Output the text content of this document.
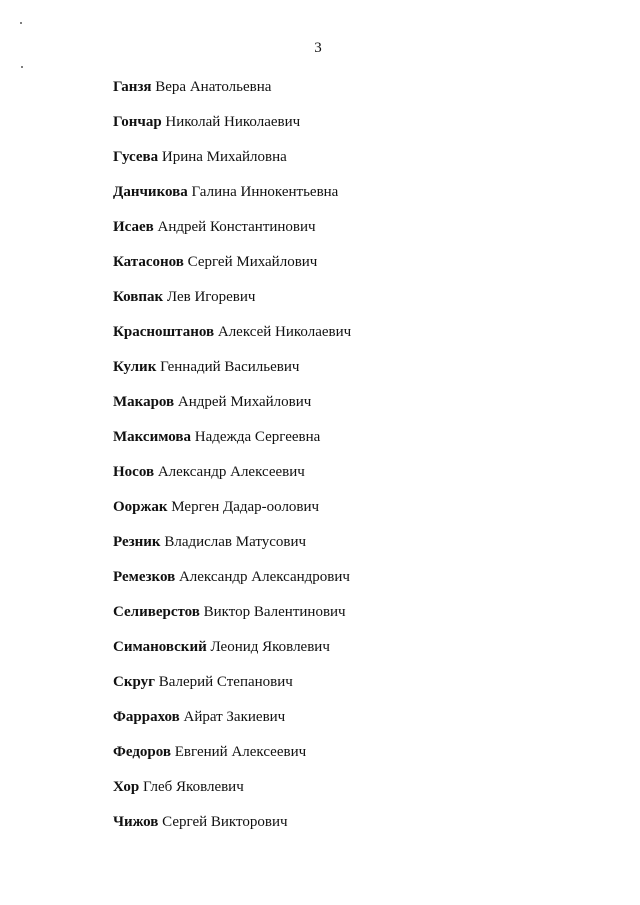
3
Ганзя Вера Анатольевна
Гончар Николай Николаевич
Гусева Ирина Михайловна
Данчикова Галина Иннокентьевна
Исаев Андрей Константинович
Катасонов Сергей Михайлович
Ковпак Лев Игоревич
Красноштанов Алексей Николаевич
Кулик Геннадий Васильевич
Макаров Андрей Михайлович
Максимова Надежда Сергеевна
Носов Александр Алексеевич
Ооржак Мерген Дадар-оолович
Резник Владислав Матусович
Ремезков Александр Александрович
Селиверстов Виктор Валентинович
Симановский Леонид Яковлевич
Скруг Валерий Степанович
Фаррахов Айрат Закиевич
Федоров Евгений Алексеевич
Хор Глеб Яковлевич
Чижов Сергей Викторович
